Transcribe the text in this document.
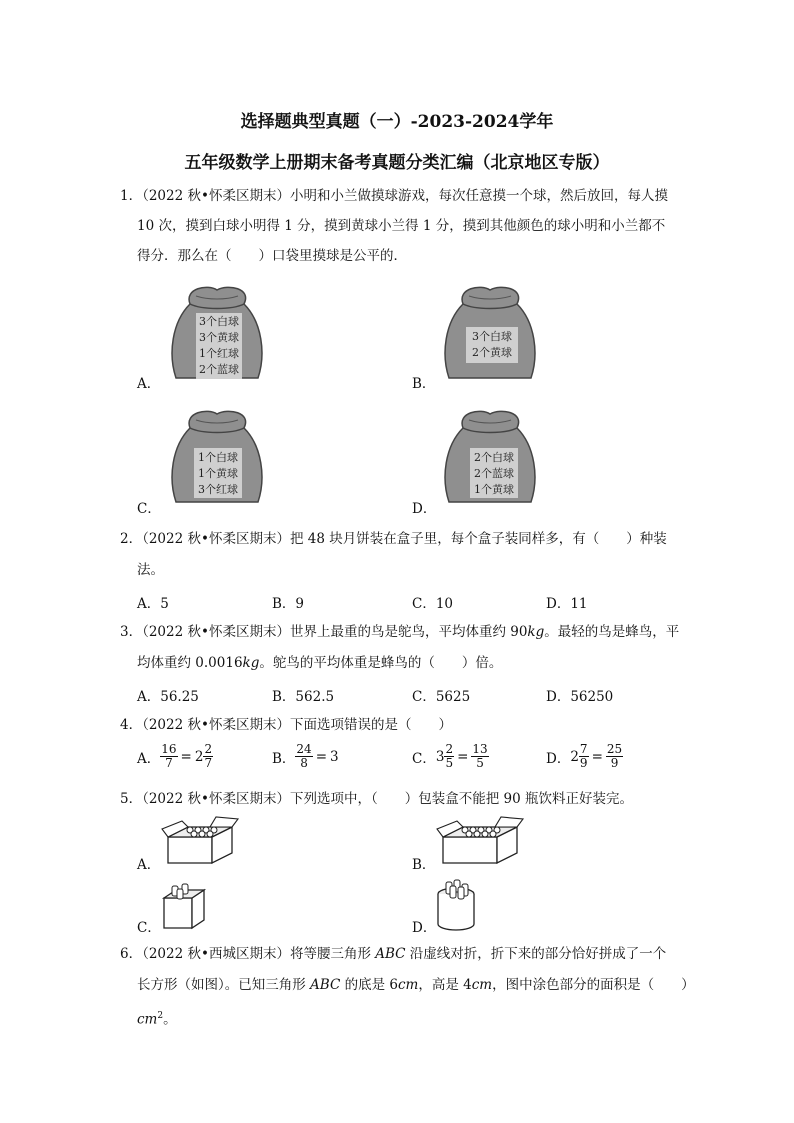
选择题典型真题（一）-2023-2024学年
五年级数学上册期末备考真题分类汇编（北京地区专版）
1．（2022 秋•怀柔区期末）小明和小兰做摸球游戏，每次任意摸一个球，然后放回，每人摸
10 次，摸到白球小明得 1 分，摸到黄球小兰得 1 分，摸到其他颜色的球小明和小兰都不
得分．那么在（　　）口袋里摸球是公平的．
A．
3个白球
3个黄球
1个红球
2个蓝球
B．
3个白球
2个黄球
C．
1个白球
1个黄球
3个红球
D．
2个白球
2个蓝球
1个黄球
2．（2022 秋•怀柔区期末）把 48 块月饼装在盒子里，每个盒子装同样多，有（　　）种装
法。
A．5	B．9	C．10	D．11
3．（2022 秋•怀柔区期末）世界上最重的鸟是鸵鸟，平均体重约 90kg。最轻的鸟是蜂鸟，平
均体重约 0.0016kg。鸵鸟的平均体重是蜂鸟的（　　）倍。
A．56.25	B．562.5	C．5625	D．56250
4．（2022 秋•怀柔区期末）下面选项错误的是（　　）
A． $\frac{16}{7} = 2 \frac{2}{7}$	B． $\frac{24}{8} = 3$	C． $3 \frac{2}{5} = \frac{13}{5}$	D． $2 \frac{7}{9} = \frac{25}{9}$
5．（2022 秋•怀柔区期末）下列选项中，（　　）包装盒不能把 90 瓶饮料正好装完。
A．	B．
C．	D．
6．（2022 秋•西城区期末）将等腰三角形 ABC 沿虚线对折，折下来的部分恰好拼成了一个
长方形（如图）。已知三角形 ABC 的底是 6cm，高是 4cm，图中涂色部分的面积是（　　）
$cm^2$。
